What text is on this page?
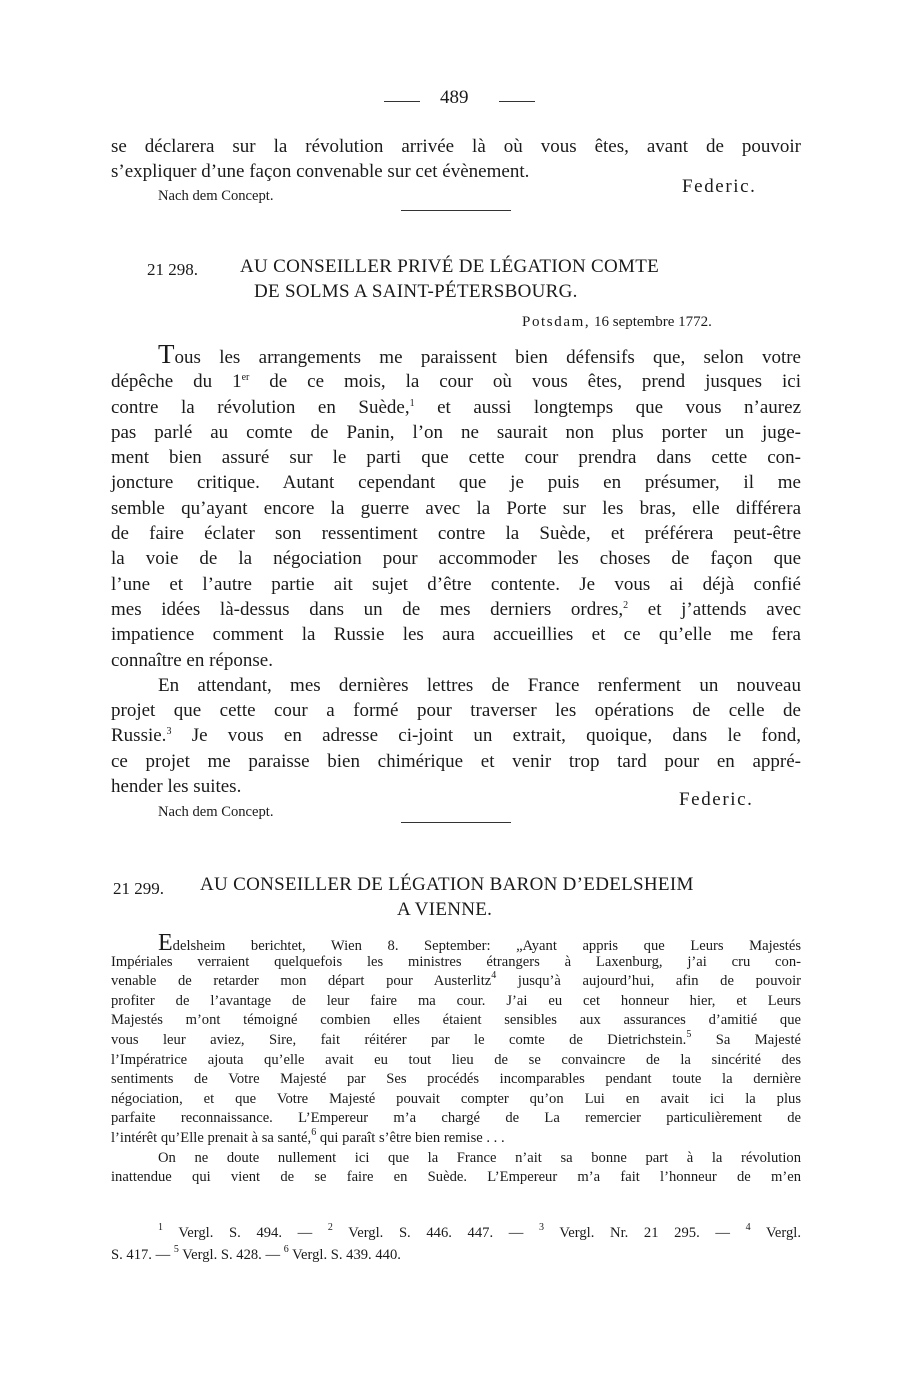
489
se déclarera sur la révolution arrivée là où vous êtes, avant de pouvoir
s’expliquer d’une façon convenable sur cet évènement.
Federic.
Nach dem Concept.
21 298. AU CONSEILLER PRIVÉ DE LÉGATION COMTE
DE SOLMS A SAINT-PÉTERSBOURG.
Potsdam, 16 septembre 1772.
Tous les arrangements me paraissent bien défensifs que, selon votre
dépêche du 1er de ce mois, la cour où vous êtes, prend jusques ici
contre la révolution en Suède,$^1$ et aussi longtemps que vous n’aurez
pas parlé au comte de Panin, l’on ne saurait non plus porter un juge-
ment bien assuré sur le parti que cette cour prendra dans cette con-
joncture critique. Autant cependant que je puis en présumer, il me
semble qu’ayant encore la guerre avec la Porte sur les bras, elle différera
de faire éclater son ressentiment contre la Suède, et préférera peut-être
la voie de la négociation pour accommoder les choses de façon que
l’une et l’autre partie ait sujet d’être contente. Je vous ai déjà confié
mes idées là-dessus dans un de mes derniers ordres,$^2$ et j’attends avec
impatience comment la Russie les aura accueillies et ce qu’elle me fera
connaître en réponse.
En attendant, mes dernières lettres de France renferment un nouveau
projet que cette cour a formé pour traverser les opérations de celle de
Russie.$^3$ Je vous en adresse ci-joint un extrait, quoique, dans le fond,
ce projet me paraisse bien chimérique et venir trop tard pour en appré-
hender les suites.
Federic.
Nach dem Concept.
21 299. AU CONSEILLER DE LÉGATION BARON D’EDELSHEIM
A VIENNE.
Edelsheim berichtet, Wien 8. September: „Ayant appris que Leurs Majestés
Impériales verraient quelquefois les ministres étrangers à Laxenburg, j’ai cru con-
venable de retarder mon départ pour Austerlitz$^4$ jusqu’à aujourd’hui, afin de pouvoir
profiter de l’avantage de leur faire ma cour. J’ai eu cet honneur hier, et Leurs
Majestés m’ont témoigné combien elles étaient sensibles aux assurances d’amitié que
vous leur aviez, Sire, fait réitérer par le comte de Dietrichstein.$^5$ Sa Majesté
l’Impératrice ajouta qu’elle avait eu tout lieu de se convaincre de la sincérité des
sentiments de Votre Majesté par Ses procédés incomparables pendant toute la dernière
négociation, et que Votre Majesté pouvait compter qu’on Lui en avait ici la plus
parfaite reconnaissance. L’Empereur m’a chargé de La remercier particulièrement de
l’intérêt qu’Elle prenait à sa santé,$^6$ qui paraît s’être bien remise . . .
On ne doute nullement ici que la France n’ait sa bonne part à la révolution
inattendue qui vient de se faire en Suède. L’Empereur m’a fait l’honneur de m’en
$^1$ Vergl. S. 494. — $^2$ Vergl. S. 446. 447. — $^3$ Vergl. Nr. 21 295. — $^4$ Vergl.
S. 417. — $^5$ Vergl. S. 428. — $^6$ Vergl. S. 439. 440.
